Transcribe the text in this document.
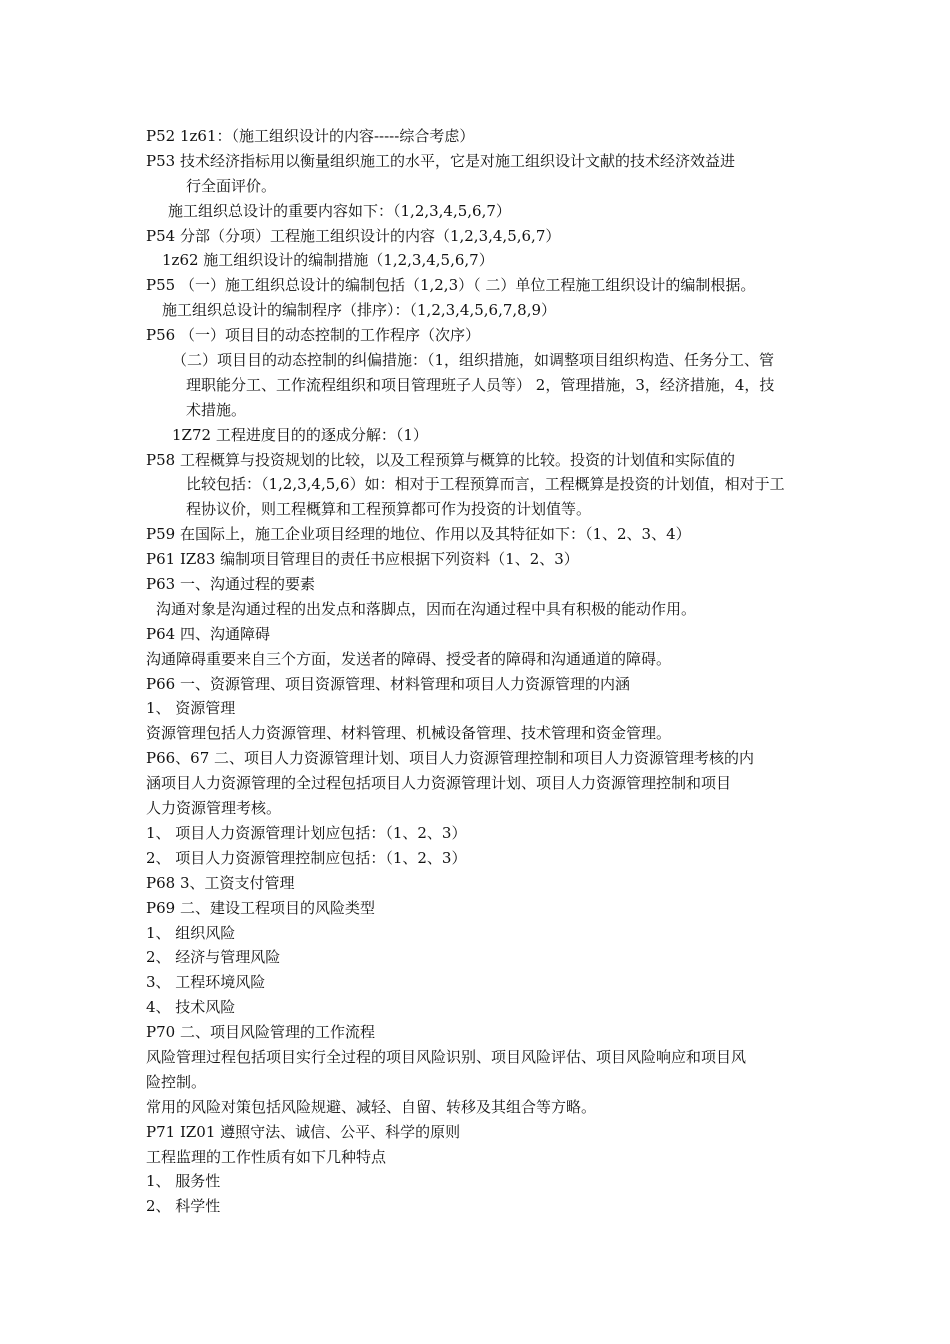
P52 1z61：（施工组织设计的内容-----综合考虑）
P53 技术经济指标用以衡量组织施工的水平，它是对施工组织设计文献的技术经济效益进
行全面评价。
施工组织总设计的重要内容如下：（1,2,3,4,5,6,7）
P54 分部（分项）工程施工组织设计的内容（1,2,3,4,5,6,7）
1z62 施工组织设计的编制措施（1,2,3,4,5,6,7）
P55 （一）施工组织总设计的编制包括（1,2,3）（ 二）单位工程施工组织设计的编制根据。
施工组织总设计的编制程序（排序）：（1,2,3,4,5,6,7,8,9）
P56 （一）项目目的动态控制的工作程序（次序）
（二）项目目的动态控制的纠偏措施：（1，组织措施，如调整项目组织构造、任务分工、管
理职能分工、工作流程组织和项目管理班子人员等） 2，管理措施，3，经济措施，4，技
术措施。
1Z72 工程进度目的的逐成分解：（1）
P58 工程概算与投资规划的比较，以及工程预算与概算的比较。投资的计划值和实际值的
比较包括：（1,2,3,4,5,6）如：相对于工程预算而言，工程概算是投资的计划值，相对于工
程协议价，则工程概算和工程预算都可作为投资的计划值等。
P59 在国际上，施工企业项目经理的地位、作用以及其特征如下：（1、2、3、4）
P61 IZ83 编制项目管理目的责任书应根据下列资料（1、2、3）
P63 一、沟通过程的要素
沟通对象是沟通过程的出发点和落脚点，因而在沟通过程中具有积极的能动作用。
P64 四、沟通障碍
沟通障碍重要来自三个方面，发送者的障碍、授受者的障碍和沟通通道的障碍。
P66 一、资源管理、项目资源管理、材料管理和项目人力资源管理的内涵
1、 资源管理
资源管理包括人力资源管理、材料管理、机械设备管理、技术管理和资金管理。
P66、67 二、项目人力资源管理计划、项目人力资源管理控制和项目人力资源管理考核的内
涵项目人力资源管理的全过程包括项目人力资源管理计划、项目人力资源管理控制和项目
人力资源管理考核。
1、 项目人力资源管理计划应包括：（1、2、3）
2、 项目人力资源管理控制应包括：（1、2、3）
P68 3、工资支付管理
P69 二、建设工程项目的风险类型
1、 组织风险
2、 经济与管理风险
3、 工程环境风险
4、 技术风险
P70 二、项目风险管理的工作流程
风险管理过程包括项目实行全过程的项目风险识别、项目风险评估、项目风险响应和项目风
险控制。
常用的风险对策包括风险规避、减轻、自留、转移及其组合等方略。
P71 IZ01 遵照守法、诚信、公平、科学的原则
工程监理的工作性质有如下几种特点
1、 服务性
2、 科学性
